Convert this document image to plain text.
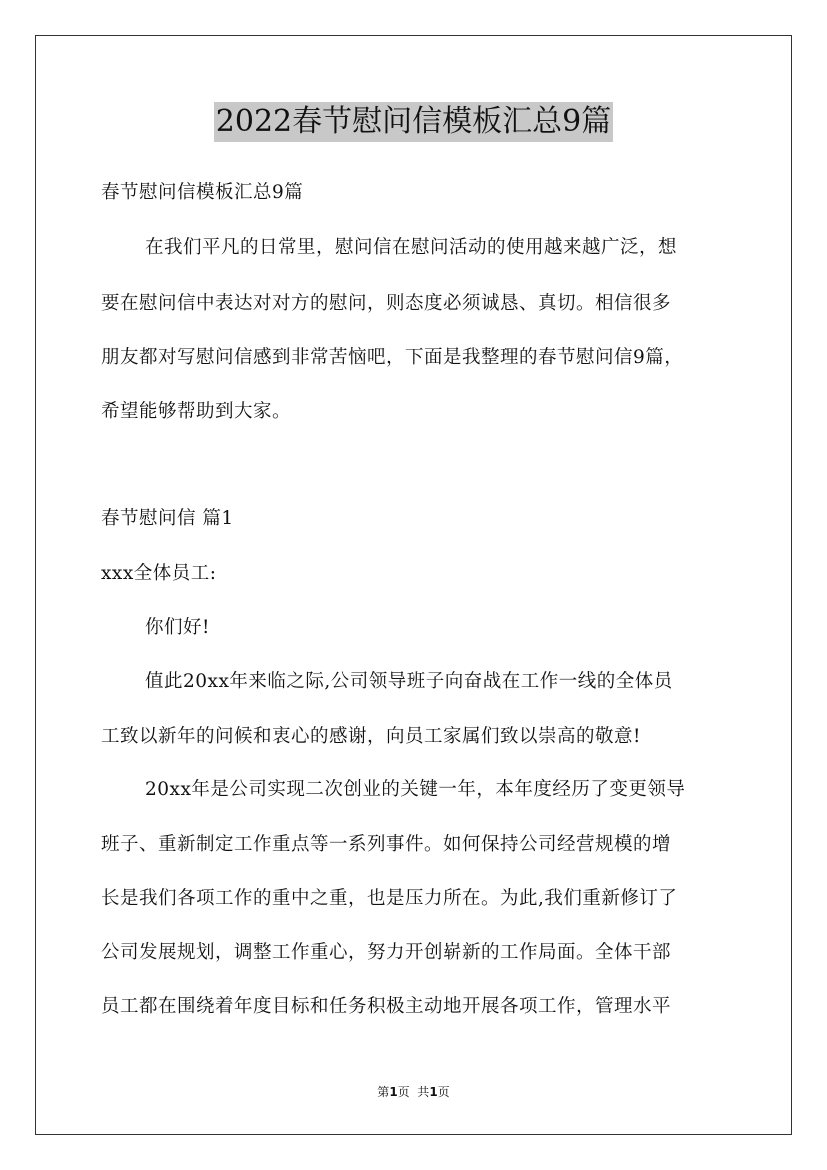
2022春节慰问信模板汇总9篇
春节慰问信模板汇总9篇
在我们平凡的日常里，慰问信在慰问活动的使用越来越广泛，想
要在慰问信中表达对对方的慰问，则态度必须诚恳、真切。相信很多
朋友都对写慰问信感到非常苦恼吧，下面是我整理的春节慰问信9篇，
希望能够帮助到大家。
春节慰问信 篇1
xxx全体员工:
你们好!
值此20xx年来临之际,公司领导班子向奋战在工作一线的全体员
工致以新年的问候和衷心的感谢，向员工家属们致以崇高的敬意!
20xx年是公司实现二次创业的关键一年，本年度经历了变更领导
班子、重新制定工作重点等一系列事件。如何保持公司经营规模的增
长是我们各项工作的重中之重，也是压力所在。为此,我们重新修订了
公司发展规划，调整工作重心，努力开创崭新的工作局面。全体干部
员工都在围绕着年度目标和任务积极主动地开展各项工作，管理水平
第1页  共1页
